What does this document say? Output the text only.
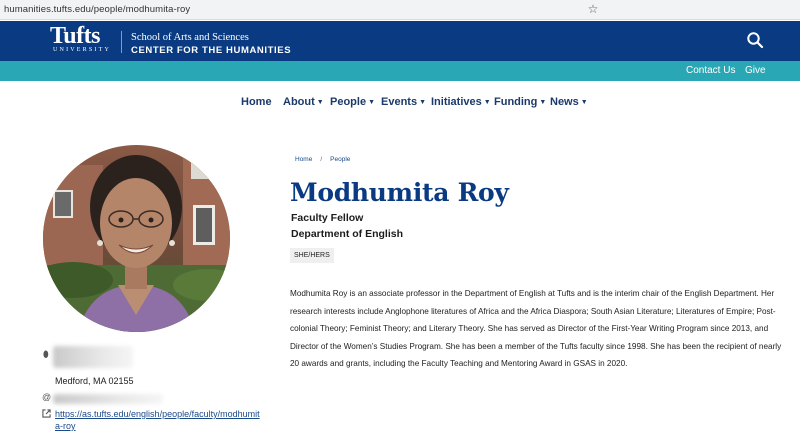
humanities.tufts.edu/people/modhumita-roy	☆
Tufts
UNIVERSITY
School of Arts and Sciences
CENTER FOR THE HUMANITIES
Contact Us Give
Home About ▼ People ▼ Events ▼ Initiatives ▼ Funding ▼ News ▼
⬮
Medford, MA 02155
@
https://as.tufts.edu/english/people/faculty/modhumita-roy
Home / People
Modhumita Roy
Faculty Fellow
Department of English
SHE/HERS

Modhumita Roy is an associate professor in the Department of English at Tufts and is the interim chair of the English Department. Her research interests include Anglophone literatures of Africa and the Africa Diaspora; South Asian Literature; Literatures of Empire; Post-colonial Theory; Feminist Theory; and Literary Theory. She has served as Director of the First-Year Writing Program since 2013, and Director of the Women’s Studies Program. She has been a member of the Tufts faculty since 1998. She has been the recipient of nearly 20 awards and grants, including the Faculty Teaching and Mentoring Award in GSAS in 2020.
